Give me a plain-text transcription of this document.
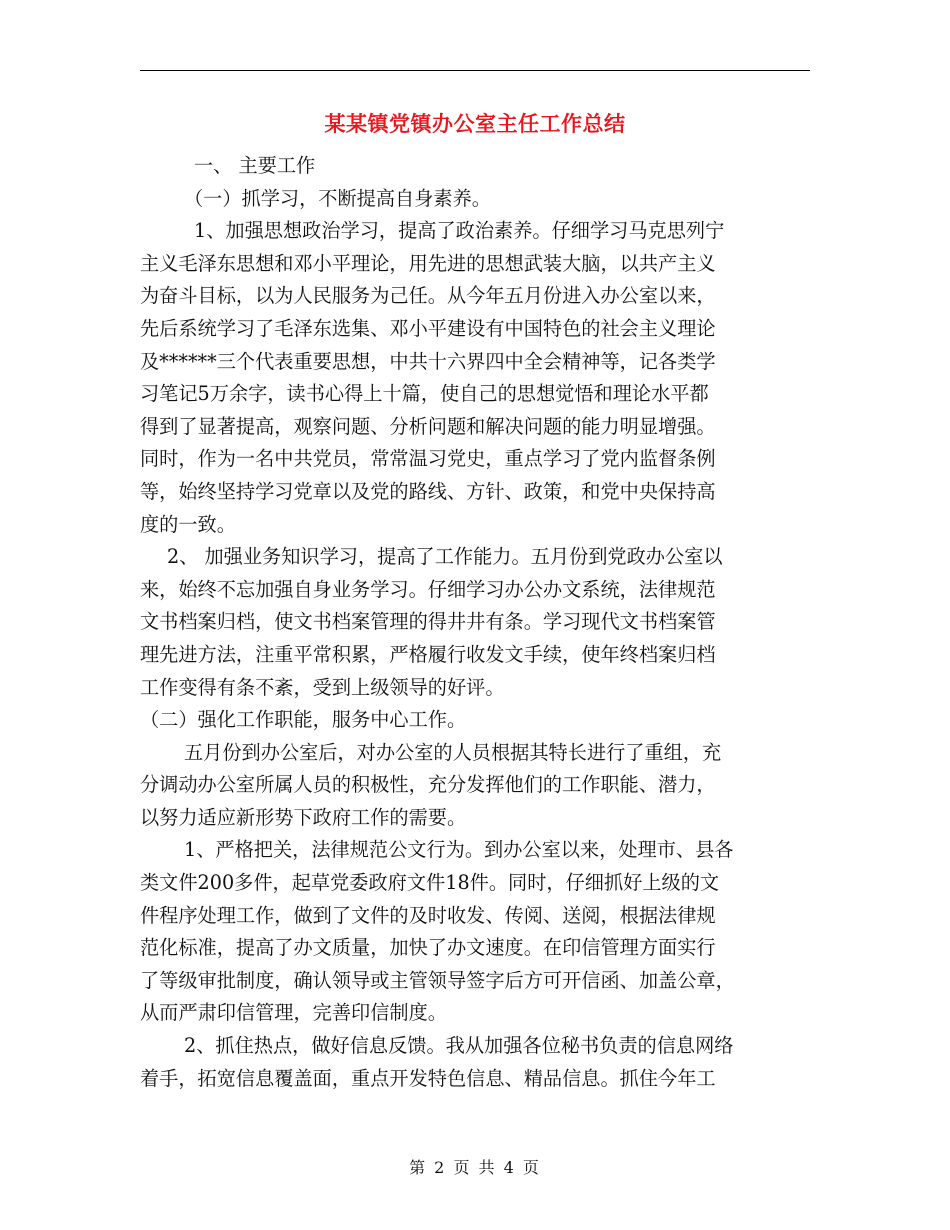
某某镇党镇办公室主任工作总结
一、 主要工作
（一）抓学习，不断提高自身素养。
1、加强思想政治学习，提高了政治素养。仔细学习马克思列宁
主义毛泽东思想和邓小平理论，用先进的思想武装大脑，以共产主义
为奋斗目标，以为人民服务为己任。从今年五月份进入办公室以来，
先后系统学习了毛泽东选集、邓小平建设有中国特色的社会主义理论
及******三个代表重要思想，中共十六界四中全会精神等，记各类学
习笔记5万余字，读书心得上十篇，使自己的思想觉悟和理论水平都
得到了显著提高，观察问题、分析问题和解决问题的能力明显增强。
同时，作为一名中共党员，常常温习党史，重点学习了党内监督条例
等，始终坚持学习党章以及党的路线、方针、政策，和党中央保持高
度的一致。
2、 加强业务知识学习，提高了工作能力。五月份到党政办公室以
来，始终不忘加强自身业务学习。仔细学习办公办文系统，法律规范
文书档案归档，使文书档案管理的得井井有条。学习现代文书档案管
理先进方法，注重平常积累，严格履行收发文手续，使年终档案归档
工作变得有条不紊，受到上级领导的好评。
（二）强化工作职能，服务中心工作。
五月份到办公室后，对办公室的人员根据其特长进行了重组，充
分调动办公室所属人员的积极性，充分发挥他们的工作职能、潜力，
以努力适应新形势下政府工作的需要。
1、严格把关，法律规范公文行为。到办公室以来，处理市、县各
类文件200多件，起草党委政府文件18件。同时，仔细抓好上级的文
件程序处理工作，做到了文件的及时收发、传阅、送阅，根据法律规
范化标准，提高了办文质量，加快了办文速度。在印信管理方面实行
了等级审批制度，确认领导或主管领导签字后方可开信函、加盖公章，
从而严肃印信管理，完善印信制度。
2、抓住热点，做好信息反馈。我从加强各位秘书负责的信息网络
着手，拓宽信息覆盖面，重点开发特色信息、精品信息。抓住今年工
第 2 页 共 4 页
